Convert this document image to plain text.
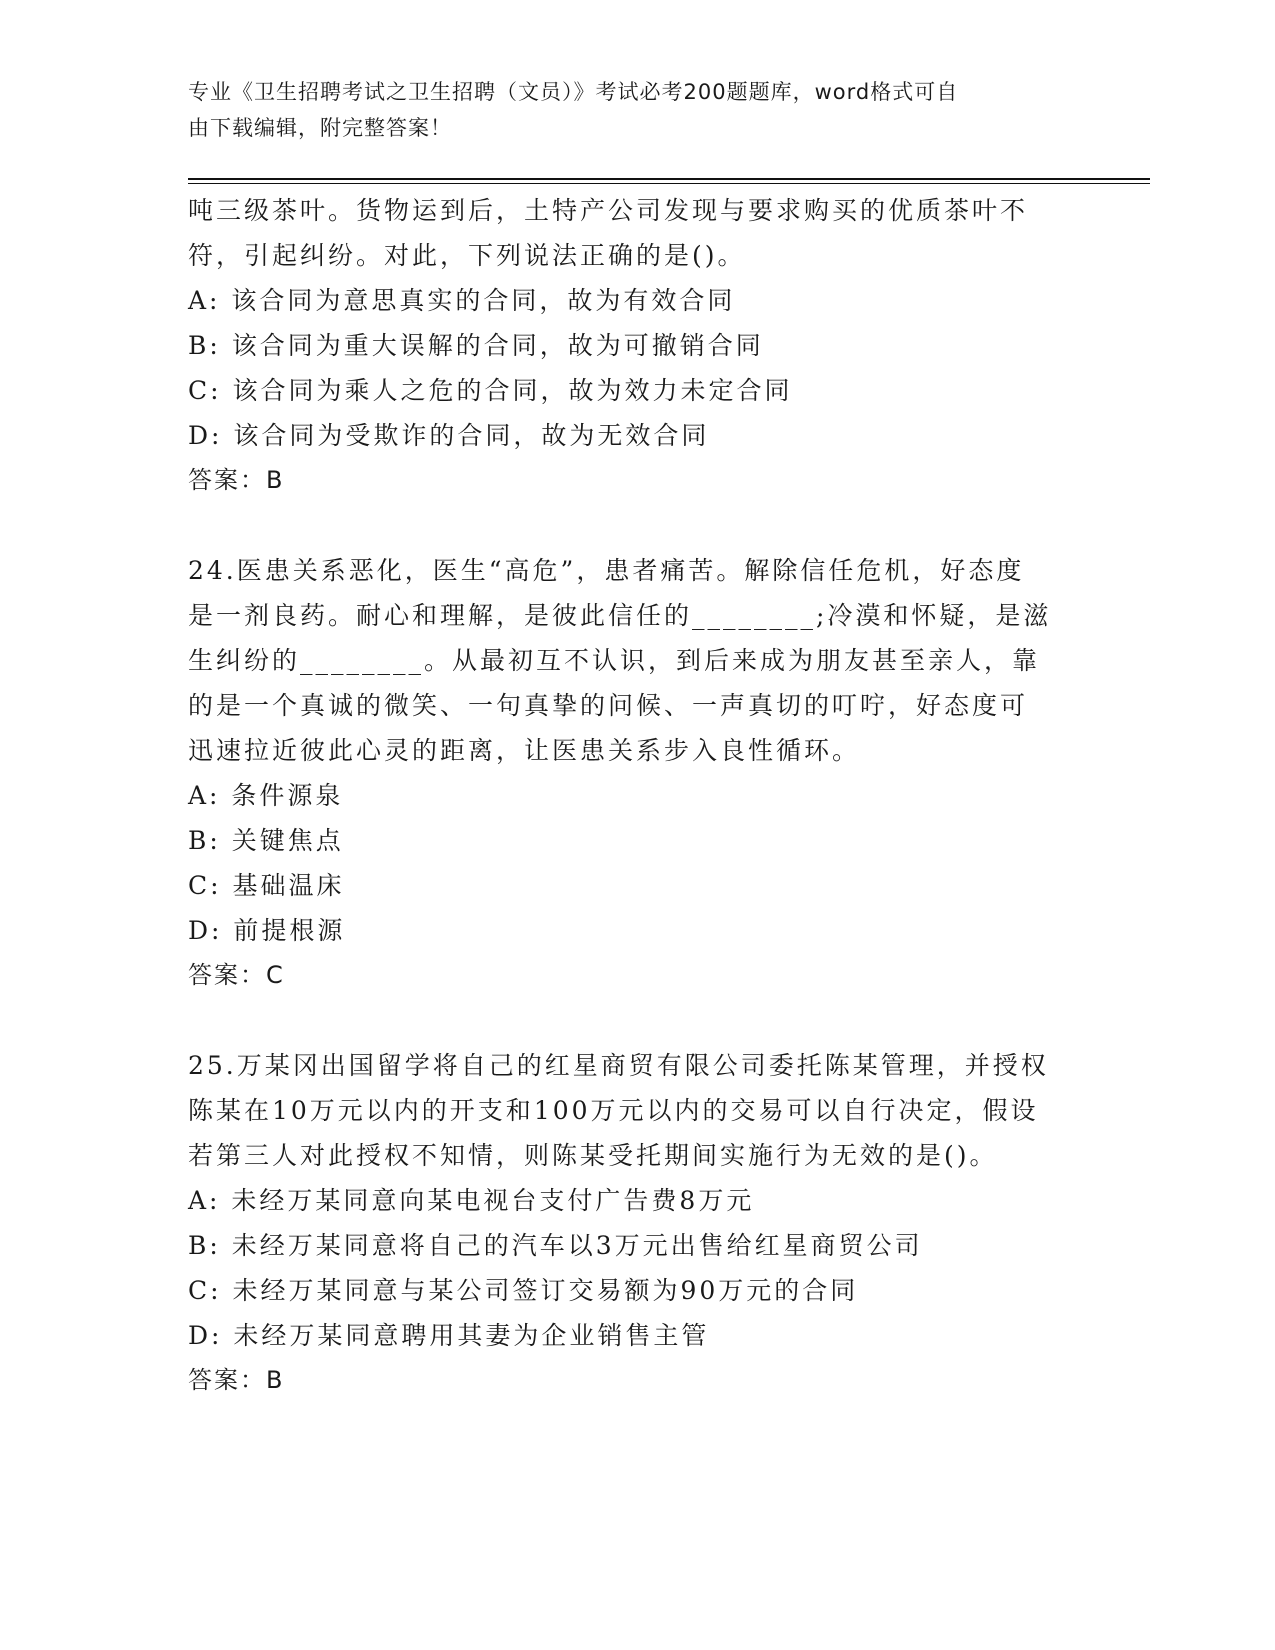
专业《卫生招聘考试之卫生招聘（文员）》考试必考200题题库，word格式可自
由下载编辑，附完整答案！
吨三级茶叶。货物运到后，土特产公司发现与要求购买的优质茶叶不
符，引起纠纷。对此，下列说法正确的是()。
A: 该合同为意思真实的合同，故为有效合同
B: 该合同为重大误解的合同，故为可撤销合同
C: 该合同为乘人之危的合同，故为效力未定合同
D: 该合同为受欺诈的合同，故为无效合同
答案：B
24.医患关系恶化，医生“高危”，患者痛苦。解除信任危机，好态度
是一剂良药。耐心和理解，是彼此信任的________;冷漠和怀疑，是滋
生纠纷的________。从最初互不认识，到后来成为朋友甚至亲人，靠
的是一个真诚的微笑、一句真挚的问候、一声真切的叮咛，好态度可
迅速拉近彼此心灵的距离，让医患关系步入良性循环。
A: 条件源泉
B: 关键焦点
C: 基础温床
D: 前提根源
答案：C
25.万某冈出国留学将自己的红星商贸有限公司委托陈某管理，并授权
陈某在10万元以内的开支和100万元以内的交易可以自行决定，假设
若第三人对此授权不知情，则陈某受托期间实施行为无效的是()。
A: 未经万某同意向某电视台支付广告费8万元
B: 未经万某同意将自己的汽车以3万元出售给红星商贸公司
C: 未经万某同意与某公司签订交易额为90万元的合同
D: 未经万某同意聘用其妻为企业销售主管
答案：B
